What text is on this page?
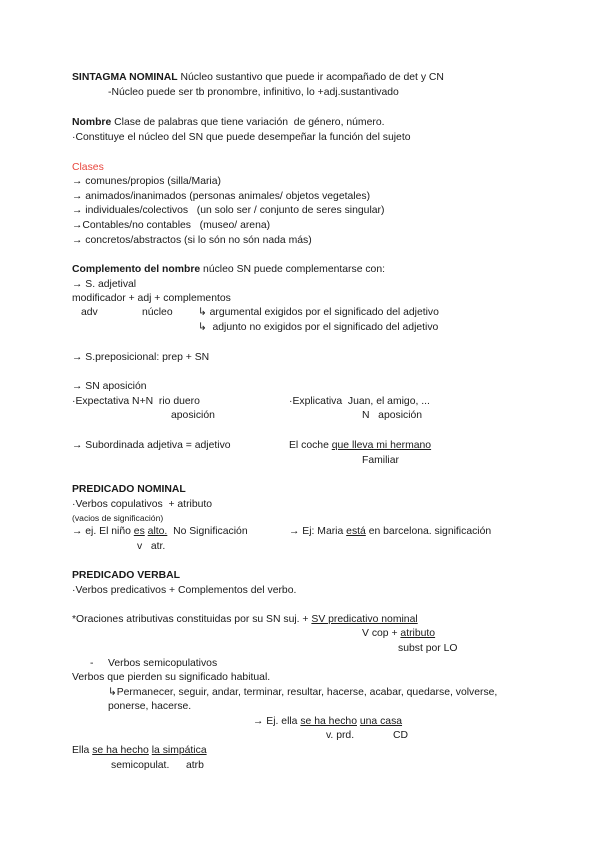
SINTAGMA NOMINAL Núcleo sustantivo que puede ir acompañado de det y CN
-Núcleo puede ser tb pronombre, infinitivo, lo +adj.sustantivado
Nombre Clase de palabras que tiene variación  de género, número.
·Constituye el núcleo del SN que puede desempeñar la función del sujeto
Clases
→ comunes/propios (silla/Maria)
→ animados/inanimados (personas animales/ objetos vegetales)
→ individuales/colectivos   (un solo ser / conjunto de seres singular)
→Contables/no contables   (museo/ arena)
→ concretos/abstractos (si lo són no són nada más)
Complemento del nombre núcleo SN puede complementarse con:
→ S. adjetival
modificador + adj + complementos
adv	núcleo ↳ argumental exigidos por el significado del adjetivo
↳  adjunto no exigidos por el significado del adjetivo
→ S.preposicional: prep + SN
→ SN aposición
·Expectativa N+N  rio duero
aposición
·Explicativa  Juan, el amigo, ...
N   aposición
→ Subordinada adjetiva = adjetivo	El coche que lleva mi hermano
Familiar
PREDICADO NOMINAL
·Verbos copulativos  + atributo
(vacios de significación)
→ ej. El niño es alto.  No Significación	→ Ej: Maria está en barcelona. significación
v   atr.
PREDICADO VERBAL
·Verbos predicativos + Complementos del verbo.
*Oraciones atributivas constituidas por su SN suj. + SV predicativo nominal
V cop + atributo
subst por LO
- Verbos semicopulativos
Verbos que pierden su significado habitual.
↳Permanecer, seguir, andar, terminar, resultar, hacerse, acabar, quedarse, volverse,
ponerse, hacerse.
→ Ej. ella se ha hecho una casa
v. prd.	CD
Ella se ha hecho la simpática
semicopulat. atrb
